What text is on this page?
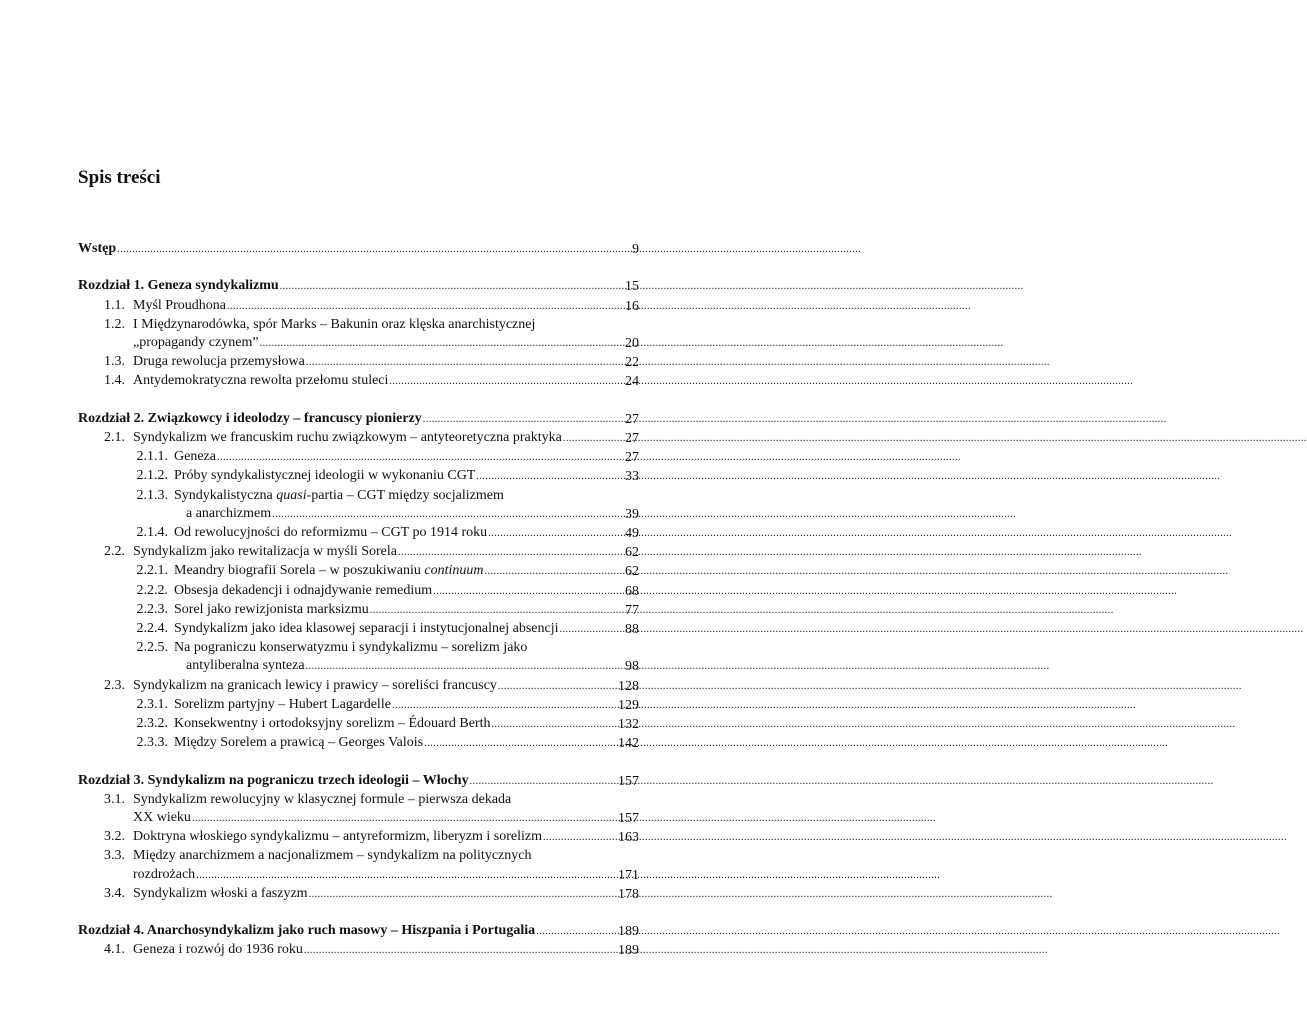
Spis treści
Wstęp .....	9
Rozdział 1. Geneza syndykalizmu .....	15
1.1. Myśl Proudhona .....	16
1.2. I Międzynarodówka, spór Marks – Bakunin oraz klęska anarchistycznej
„propagandy czynem” .....	20
1.3. Druga rewolucja przemysłowa .....	22
1.4. Antydemokratyczna rewolta przełomu stuleci .....	24
Rozdział 2. Związkowcy i ideolodzy – francuscy pionierzy .....	27
2.1. Syndykalizm we francuskim ruchu związkowym – antyteoretyczna praktyka .....	27
2.1.1. Geneza .....	27
2.1.2. Próby syndykalistycznej ideologii w wykonaniu CGT .....	33
2.1.3. Syndykalistyczna quasi-partia – CGT między socjalizmem
a anarchizmem .....	39
2.1.4. Od rewolucyjności do reformizmu – CGT po 1914 roku .....	49
2.2. Syndykalizm jako rewitalizacja w myśli Sorela .....	62
2.2.1. Meandry biografii Sorela – w poszukiwaniu continuum .....	62
2.2.2. Obsesja dekadencji i odnajdywanie remedium .....	68
2.2.3. Sorel jako rewizjonista marksizmu .....	77
2.2.4. Syndykalizm jako idea klasowej separacji i instytucjonalnej absencji .....	88
2.2.5. Na pograniczu konserwatyzmu i syndykalizmu – sorelizm jako
antyliberalna synteza .....	98
2.3. Syndykalizm na granicach lewicy i prawicy – soreliści francuscy .....	128
2.3.1. Sorelizm partyjny – Hubert Lagardelle .....	129
2.3.2. Konsekwentny i ortodoksyjny sorelizm – Édouard Berth .....	132
2.3.3. Między Sorelem a prawicą – Georges Valois .....	142
Rozdział 3. Syndykalizm na pograniczu trzech ideologii – Włochy .....	157
3.1. Syndykalizm rewolucyjny w klasycznej formule – pierwsza dekada
XX wieku .....	157
3.2. Doktryna włoskiego syndykalizmu – antyreformizm, liberyzm i sorelizm .....	163
3.3. Między anarchizmem a nacjonalizmem – syndykalizm na politycznych
rozdrożach .....	171
3.4. Syndykalizm włoski a faszyzm .....	178
Rozdział 4. Anarchosyndykalizm jako ruch masowy – Hiszpania i Portugalia .....	189
4.1. Geneza i rozwój do 1936 roku .....	189
